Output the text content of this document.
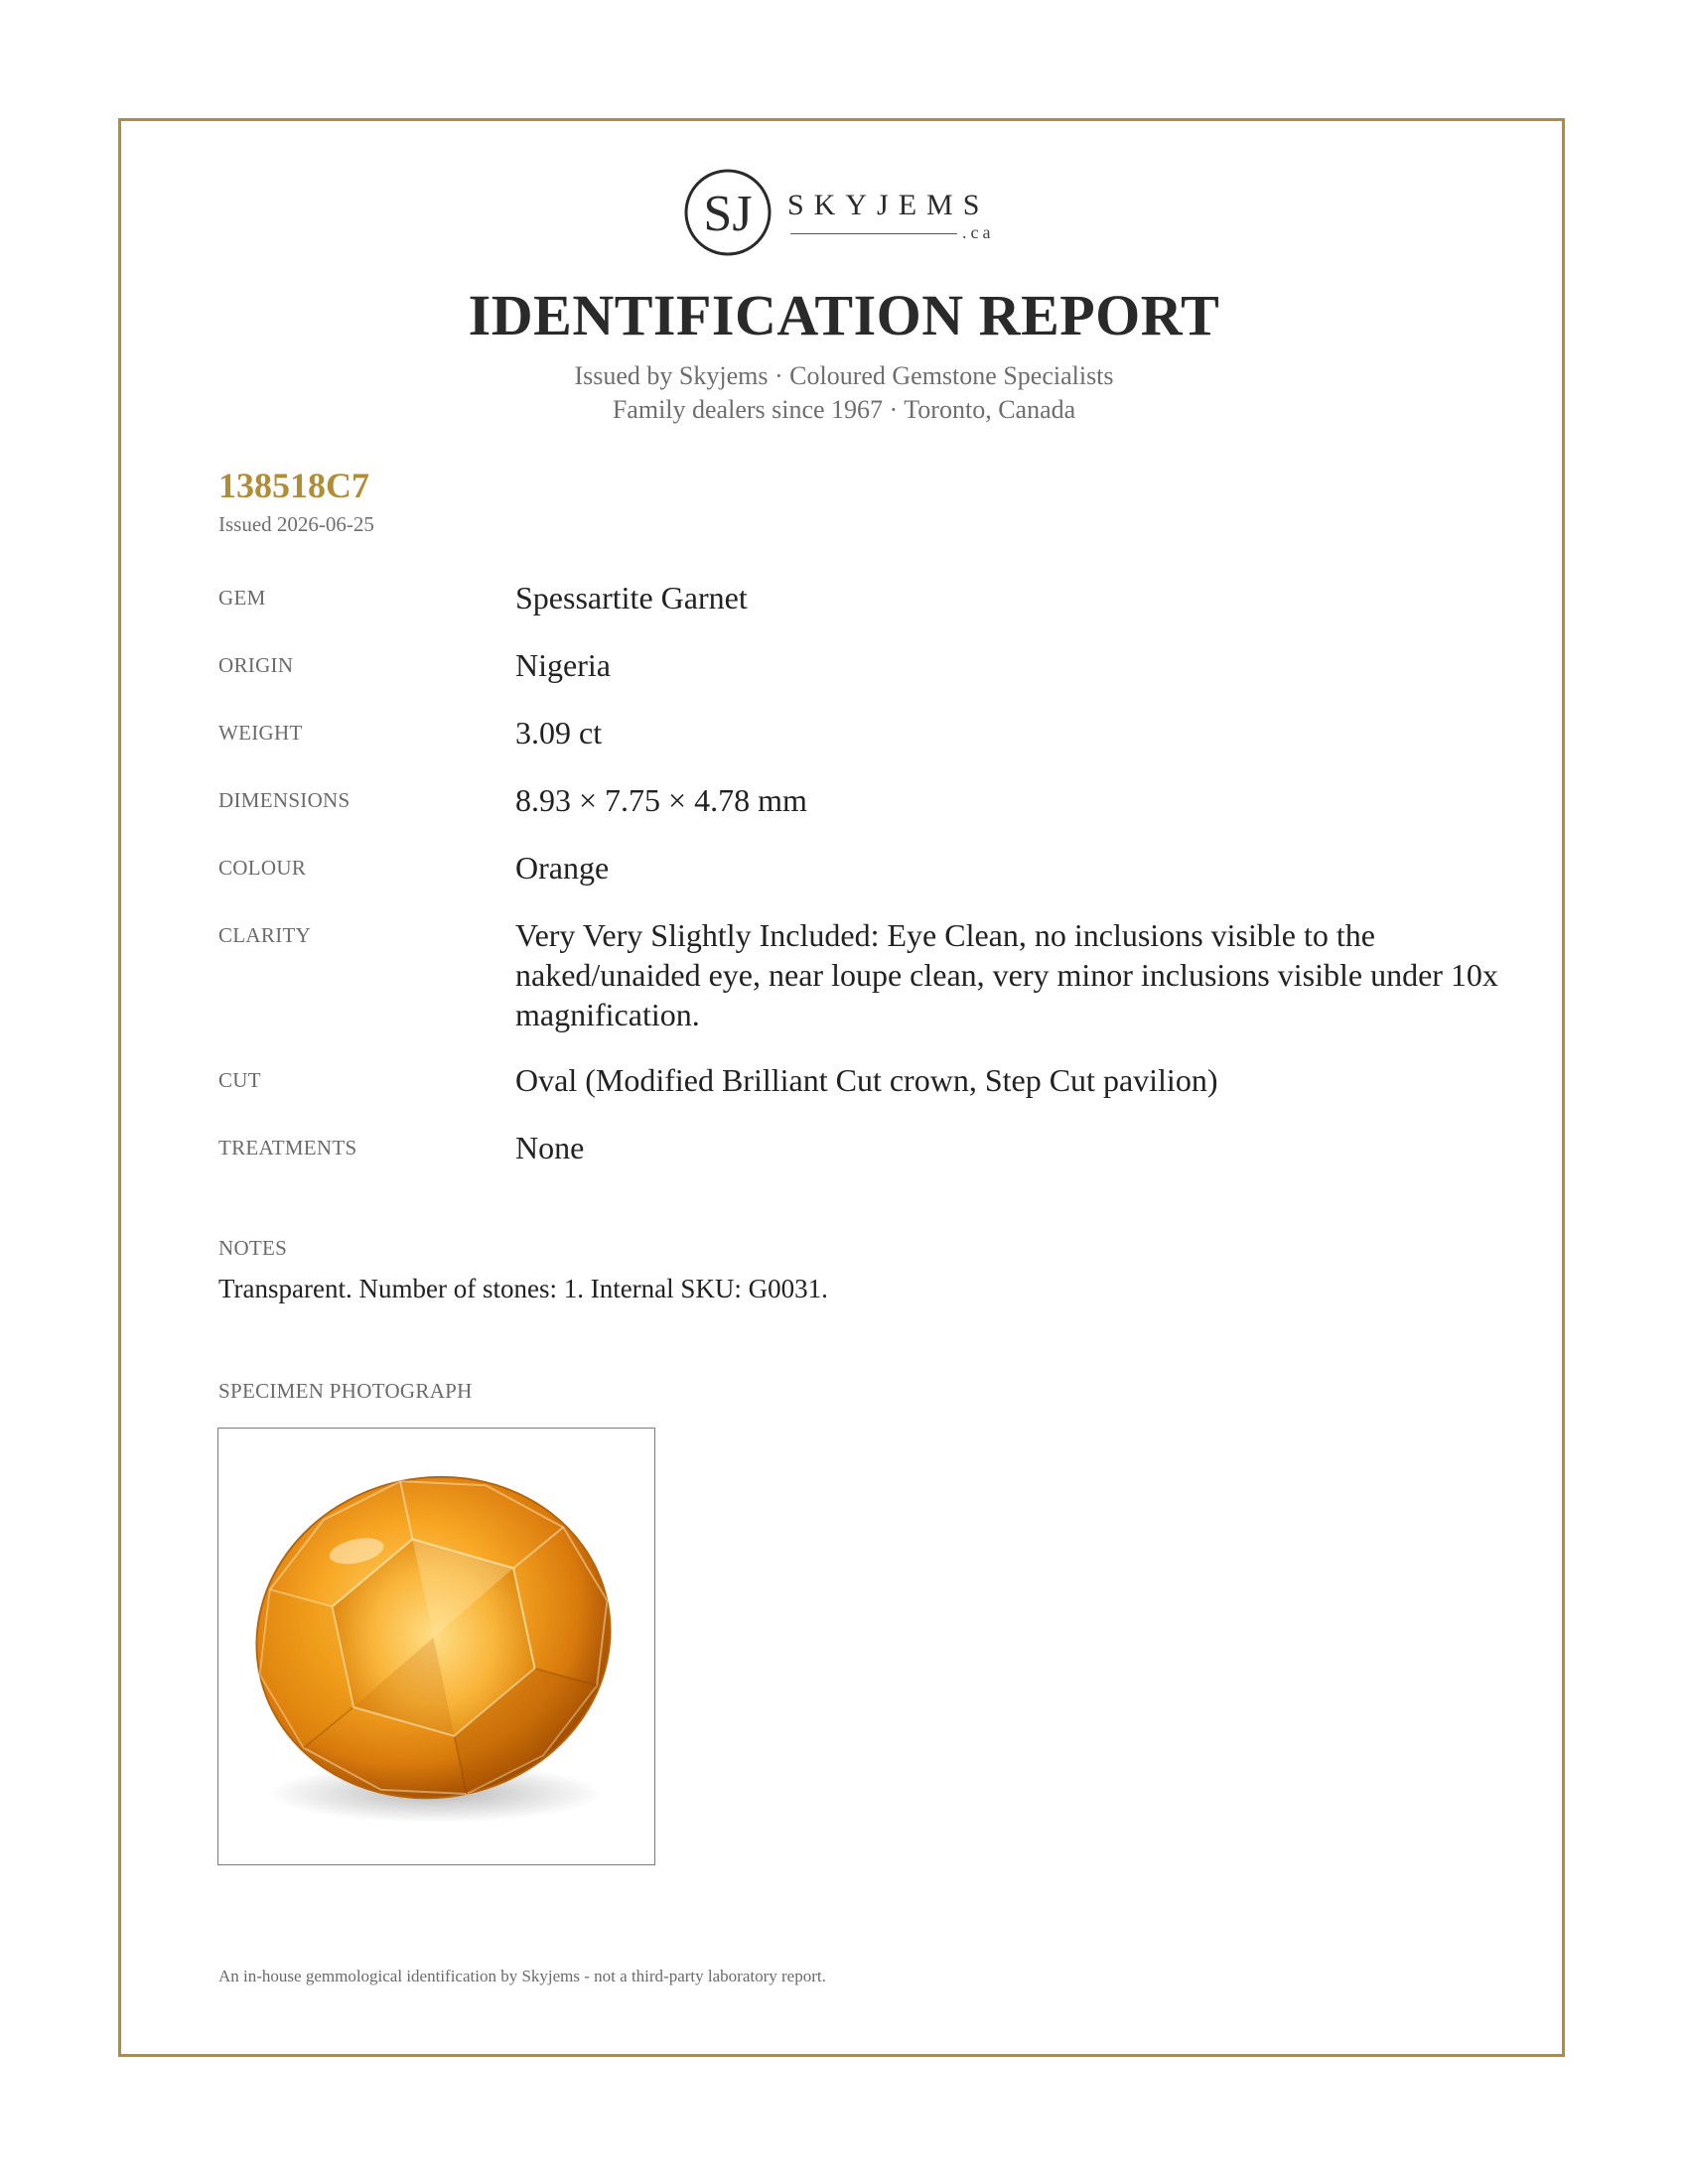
SJ SKYJEMS
.ca
IDENTIFICATION REPORT
Issued by Skyjems · Coloured Gemstone Specialists
Family dealers since 1967 · Toronto, Canada
138518C7
Issued 2026-06-25
GEM	Spessartite Garnet
ORIGIN	Nigeria
WEIGHT	3.09 ct
DIMENSIONS	8.93 × 7.75 × 4.78 mm
COLOUR	Orange
CLARITY	Very Very Slightly Included: Eye Clean, no inclusions visible to the naked/unaided eye, near loupe clean, very minor inclusions visible under 10x magnification.
CUT	Oval (Modified Brilliant Cut crown, Step Cut pavilion)
TREATMENTS	None
NOTES
Transparent. Number of stones: 1. Internal SKU: G0031.
SPECIMEN PHOTOGRAPH
An in-house gemmological identification by Skyjems - not a third-party laboratory report.
